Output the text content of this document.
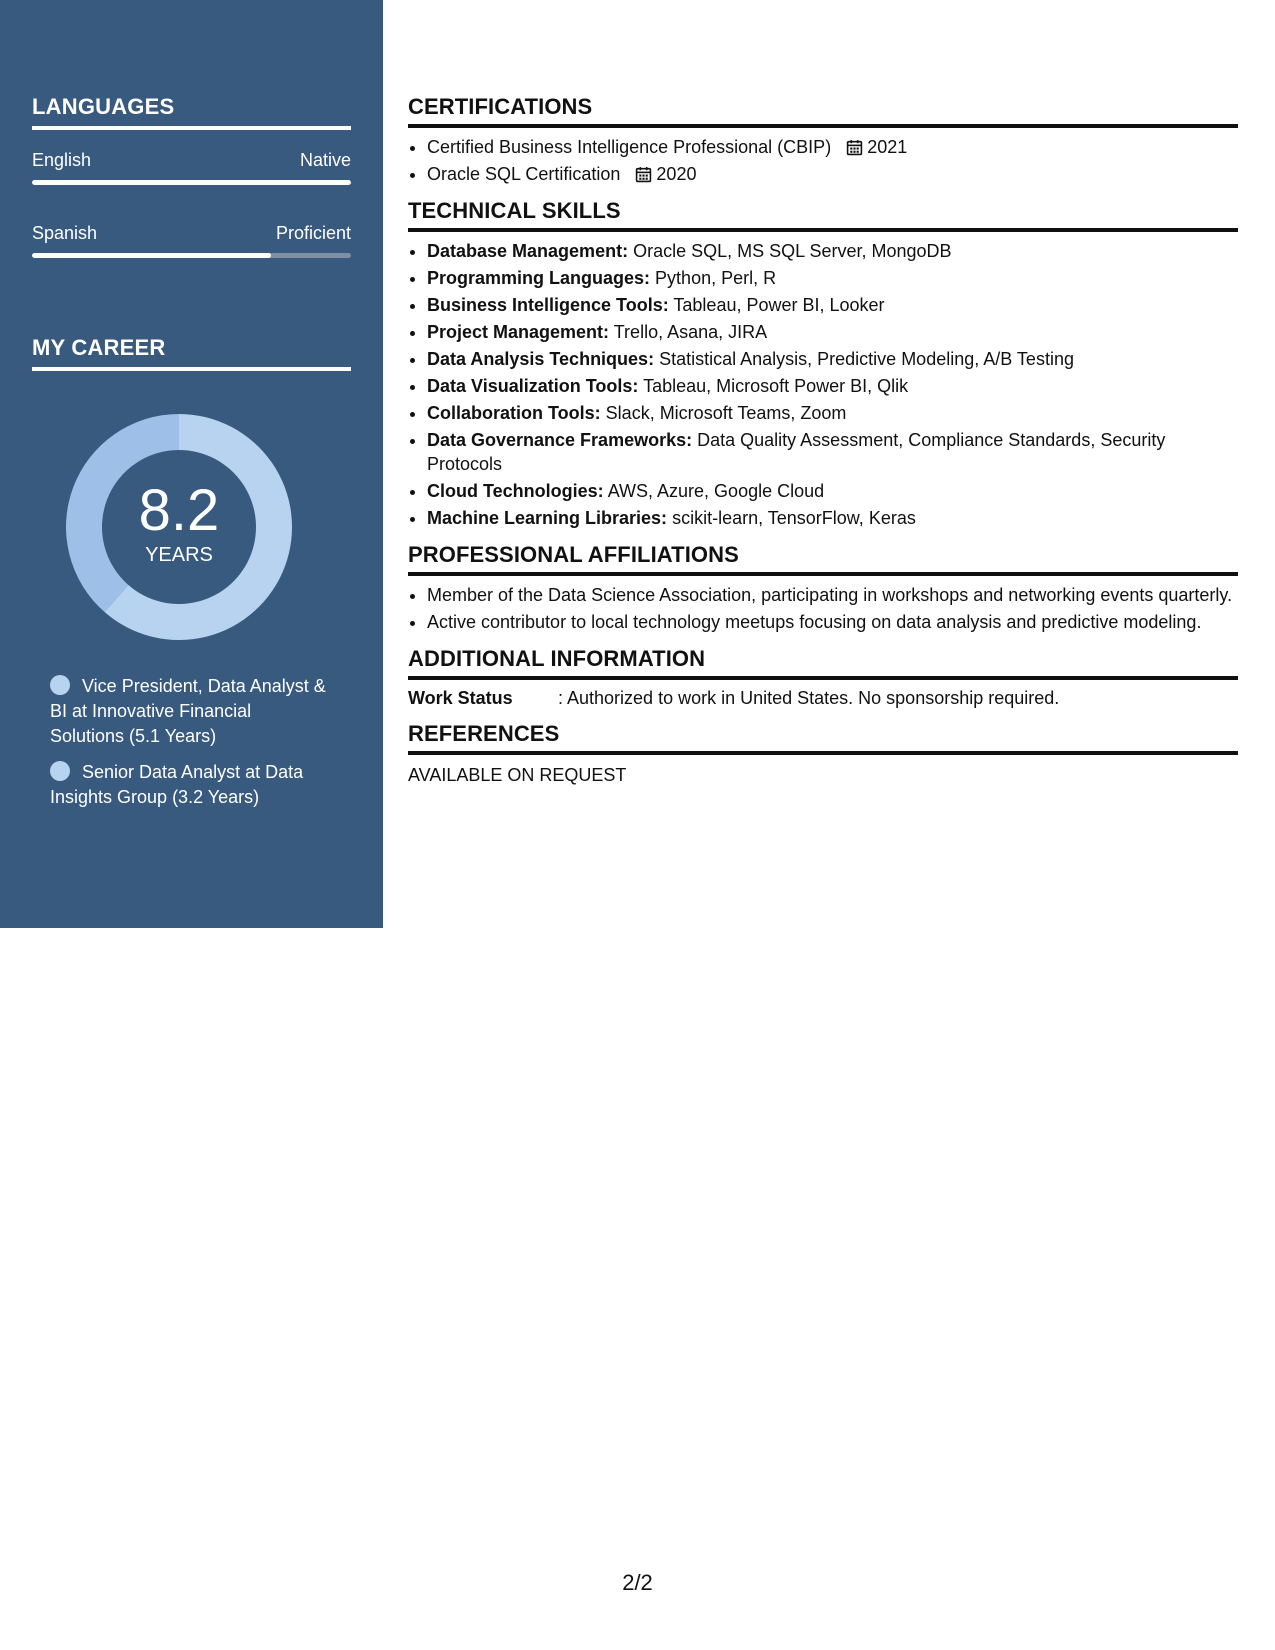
LANGUAGES
English	Native
Spanish	Proficient
MY CAREER
8.2
YEARS
Vice President, Data Analyst & BI at Innovative Financial Solutions (5.1 Years)
Senior Data Analyst at Data Insights Group (3.2 Years)
CERTIFICATIONS
• Certified Business Intelligence Professional (CBIP) 2021
• Oracle SQL Certification 2020
TECHNICAL SKILLS
• Database Management: Oracle SQL, MS SQL Server, MongoDB
• Programming Languages: Python, Perl, R
• Business Intelligence Tools: Tableau, Power BI, Looker
• Project Management: Trello, Asana, JIRA
• Data Analysis Techniques: Statistical Analysis, Predictive Modeling, A/B Testing
• Data Visualization Tools: Tableau, Microsoft Power BI, Qlik
• Collaboration Tools: Slack, Microsoft Teams, Zoom
• Data Governance Frameworks: Data Quality Assessment, Compliance Standards, Security Protocols
• Cloud Technologies: AWS, Azure, Google Cloud
• Machine Learning Libraries: scikit-learn, TensorFlow, Keras
PROFESSIONAL AFFILIATIONS
• Member of the Data Science Association, participating in workshops and networking events quarterly.
• Active contributor to local technology meetups focusing on data analysis and predictive modeling.
ADDITIONAL INFORMATION
Work Status	: Authorized to work in United States. No sponsorship required.
REFERENCES
AVAILABLE ON REQUEST
2/2
